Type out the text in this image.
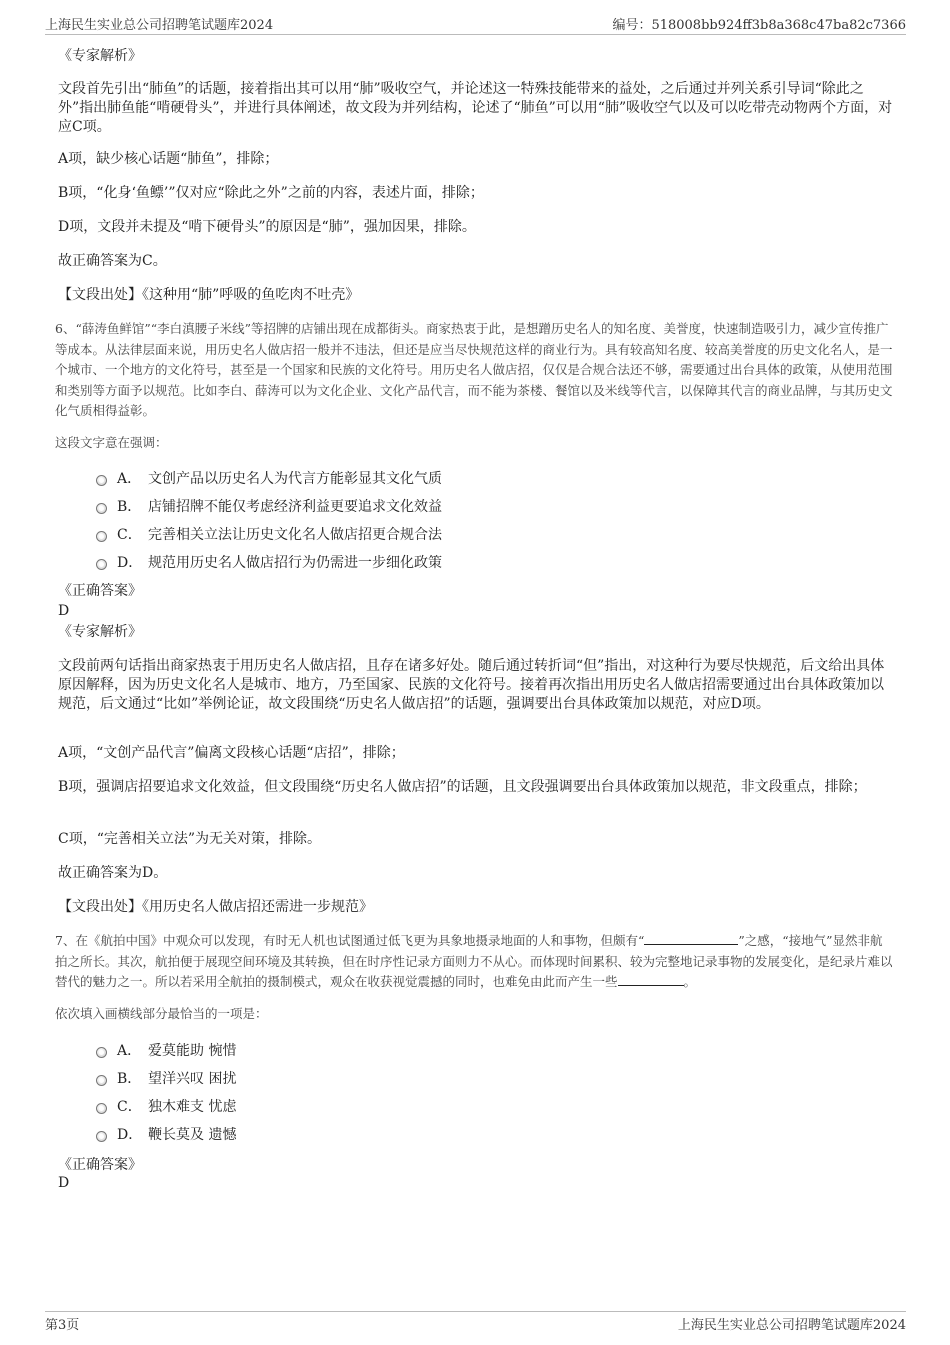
上海民生实业总公司招聘笔试题库2024	编号：518008bb924ff3b8a368c47ba82c7366
《专家解析》
文段首先引出“肺鱼”的话题，接着指出其可以用“肺”吸收空气，并论述这一特殊技能带来的益处，之后通过并列关系引导词“除此之外”指出肺鱼能“啃硬骨头”，并进行具体阐述，故文段为并列结构，论述了“肺鱼”可以用“肺”吸收空气以及可以吃带壳动物两个方面，对应C项。
A项，缺少核心话题“肺鱼”，排除；
B项，“化身‘鱼鳔’”仅对应“除此之外”之前的内容，表述片面，排除；
D项，文段并未提及“啃下硬骨头”的原因是“肺”，强加因果，排除。
故正确答案为C。
【文段出处】《这种用“肺”呼吸的鱼吃肉不吐壳》
6、“薛涛鱼鲜馆”“李白滇腰子米线”等招牌的店铺出现在成都街头。商家热衷于此，是想蹭历史名人的知名度、美誉度，快速制造吸引力，减少宣传推广等成本。从法律层面来说，用历史名人做店招一般并不违法，但还是应当尽快规范这样的商业行为。具有较高知名度、较高美誉度的历史文化名人，是一个城市、一个地方的文化符号，甚至是一个国家和民族的文化符号。用历史名人做店招，仅仅是合规合法还不够，需要通过出台具体的政策，从使用范围和类别等方面予以规范。比如李白、薛涛可以为文化企业、文化产品代言，而不能为茶楼、餐馆以及米线等代言，以保障其代言的商业品牌，与其历史文化气质相得益彰。
这段文字意在强调：
A． 文创产品以历史名人为代言方能彰显其文化气质
B． 店铺招牌不能仅考虑经济利益更要追求文化效益
C． 完善相关立法让历史文化名人做店招更合规合法
D． 规范用历史名人做店招行为仍需进一步细化政策
《正确答案》
D
《专家解析》
文段前两句话指出商家热衷于用历史名人做店招，且存在诸多好处。随后通过转折词“但”指出，对这种行为要尽快规范，后文给出具体原因解释，因为历史文化名人是城市、地方，乃至国家、民族的文化符号。接着再次指出用历史名人做店招需要通过出台具体政策加以规范，后文通过“比如”举例论证，故文段围绕“历史名人做店招”的话题，强调要出台具体政策加以规范，对应D项。
A项，“文创产品代言”偏离文段核心话题“店招”，排除；
B项，强调店招要追求文化效益，但文段围绕“历史名人做店招”的话题，且文段强调要出台具体政策加以规范，非文段重点，排除；
C项，“完善相关立法”为无关对策，排除。
故正确答案为D。
【文段出处】《用历史名人做店招还需进一步规范》
7、在《航拍中国》中观众可以发现，有时无人机也试图通过低飞更为具象地摄录地面的人和事物，但颇有“	”之感，“接地气”显然非航拍之所长。其次，航拍便于展现空间环境及其转换，但在时序性记录方面则力不从心。而体现时间累积、较为完整地记录事物的发展变化，是纪录片难以替代的魅力之一。所以若采用全航拍的摄制模式，观众在收获视觉震撼的同时，也难免由此而产生一些	。
依次填入画横线部分最恰当的一项是：
A． 爱莫能助 惋惜
B． 望洋兴叹 困扰
C． 独木难支 忧虑
D． 鞭长莫及 遗憾
《正确答案》
D
第3页	上海民生实业总公司招聘笔试题库2024
